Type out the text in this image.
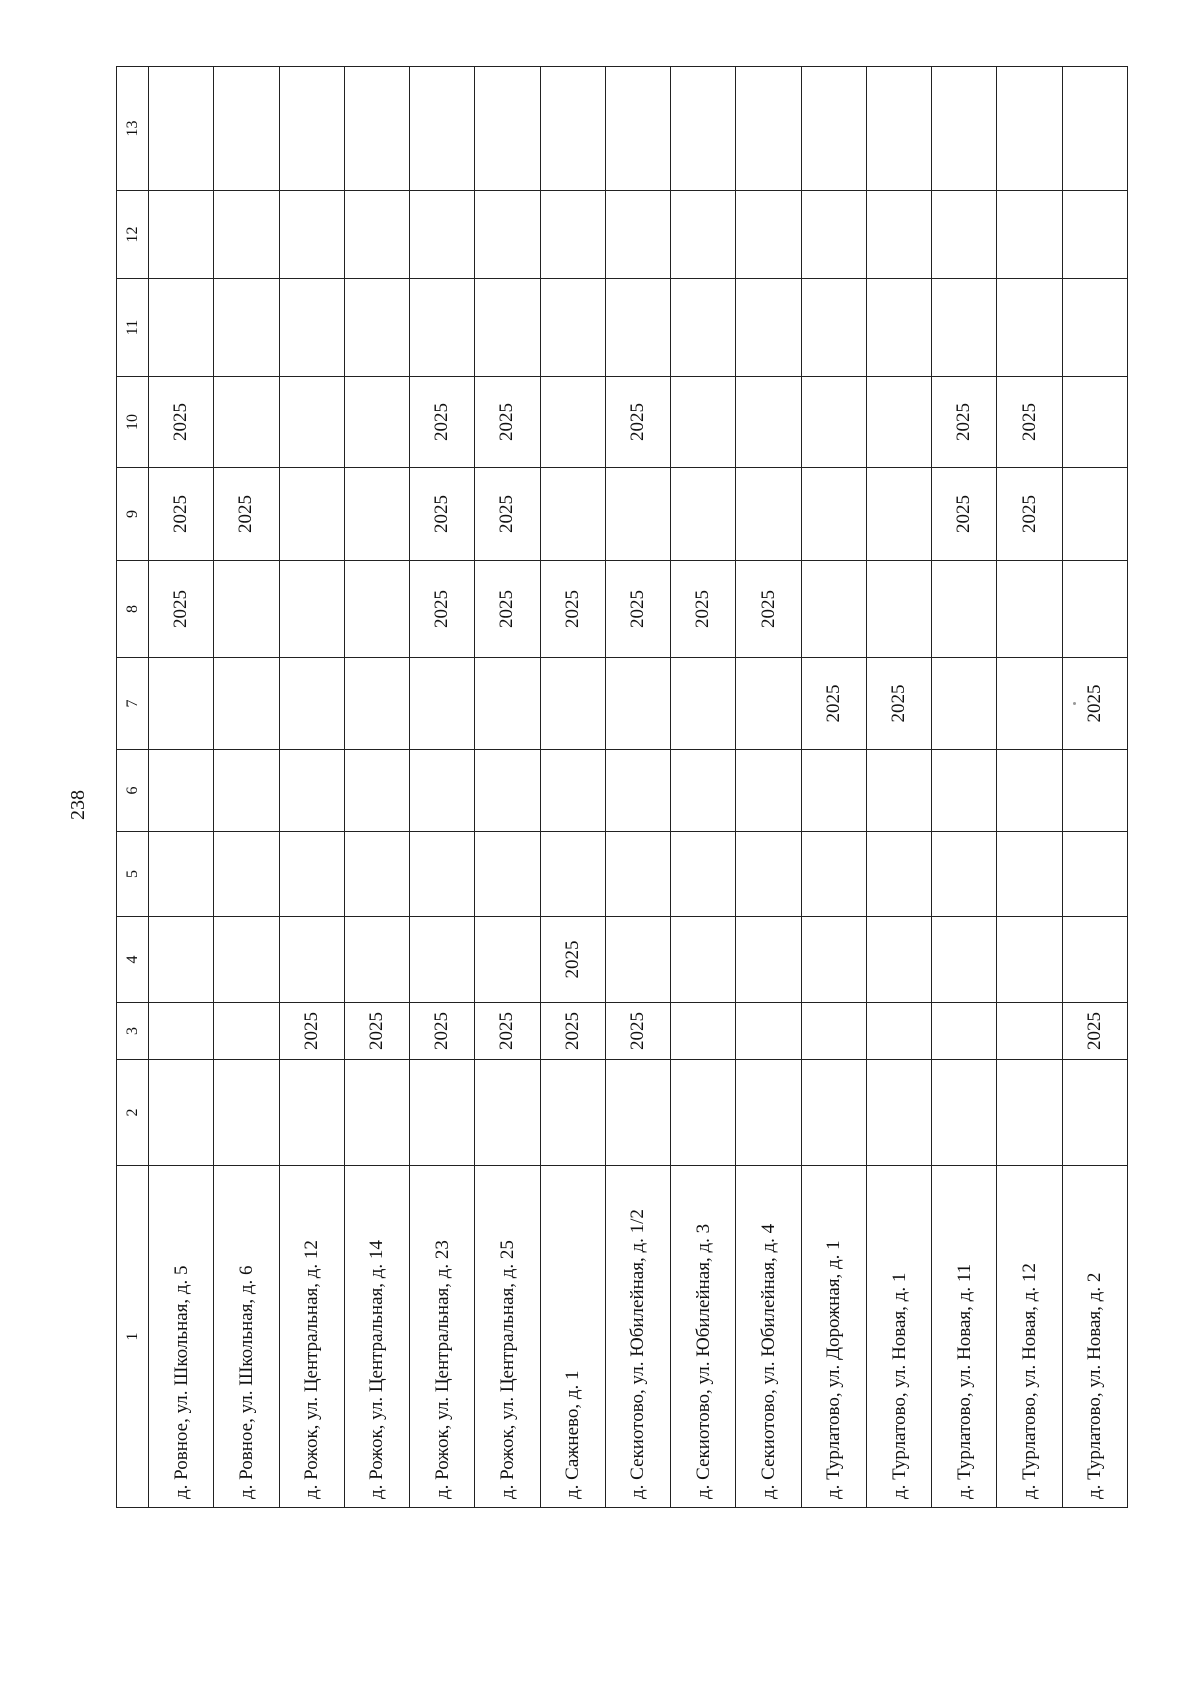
238
1	2	3	4	5	6	7	8	9	10	11	12	13
д. Ровное, ул. Школьная, д. 5							2025	2025	2025			
д. Ровное, ул. Школьная, д. 6								2025				
д. Рожок, ул. Центральная, д. 12		2025										
д. Рожок, ул. Центральная, д. 14		2025										
д. Рожок, ул. Центральная, д. 23		2025					2025	2025	2025			
д. Рожок, ул. Центральная, д. 25		2025					2025	2025	2025			
д. Сажнево, д. 1		2025	2025				2025					
д. Секиотово, ул. Юбилейная, д. 1/2		2025					2025		2025			
д. Секиотово, ул. Юбилейная, д. 3							2025					
д. Секиотово, ул. Юбилейная, д. 4							2025					
д. Турлатово, ул. Дорожная, д. 1						2025						
д. Турлатово, ул. Новая, д. 1						2025						
д. Турлатово, ул. Новая, д. 11								2025	2025			
д. Турлатово, ул. Новая, д. 12								2025	2025			
д. Турлатово, ул. Новая, д. 2		2025				2025						
